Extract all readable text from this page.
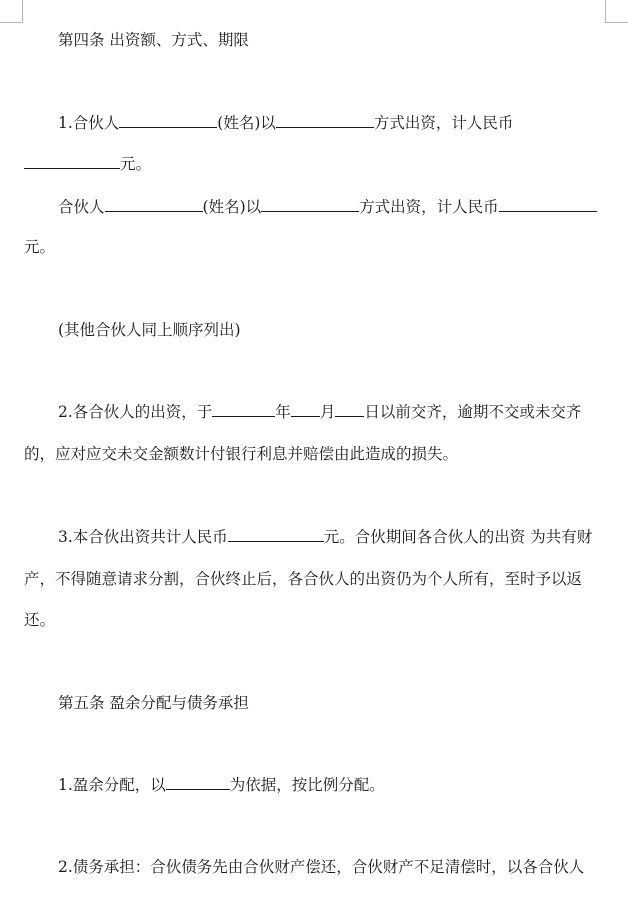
第四条 出资额、方式、期限
1.合伙人	(姓名)以	方式出资，计人民币
元。
合伙人	(姓名)以	方式出资，计人民币
元。
(其他合伙人同上顺序列出)
2.各合伙人的出资，于	年 月 日以前交齐，逾期不交或未交齐
的，应对应交未交金额数计付银行利息并赔偿由此造成的损失。
3.本合伙出资共计人民币	元。合伙期间各合伙人的出资 为共有财
产，不得随意请求分割，合伙终止后，各合伙人的出资仍为个人所有，至时予以返
还。
第五条 盈余分配与债务承担
1.盈余分配，以	为依据，按比例分配。
2.债务承担：合伙债务先由合伙财产偿还，合伙财产不足清偿时，以各合伙人
